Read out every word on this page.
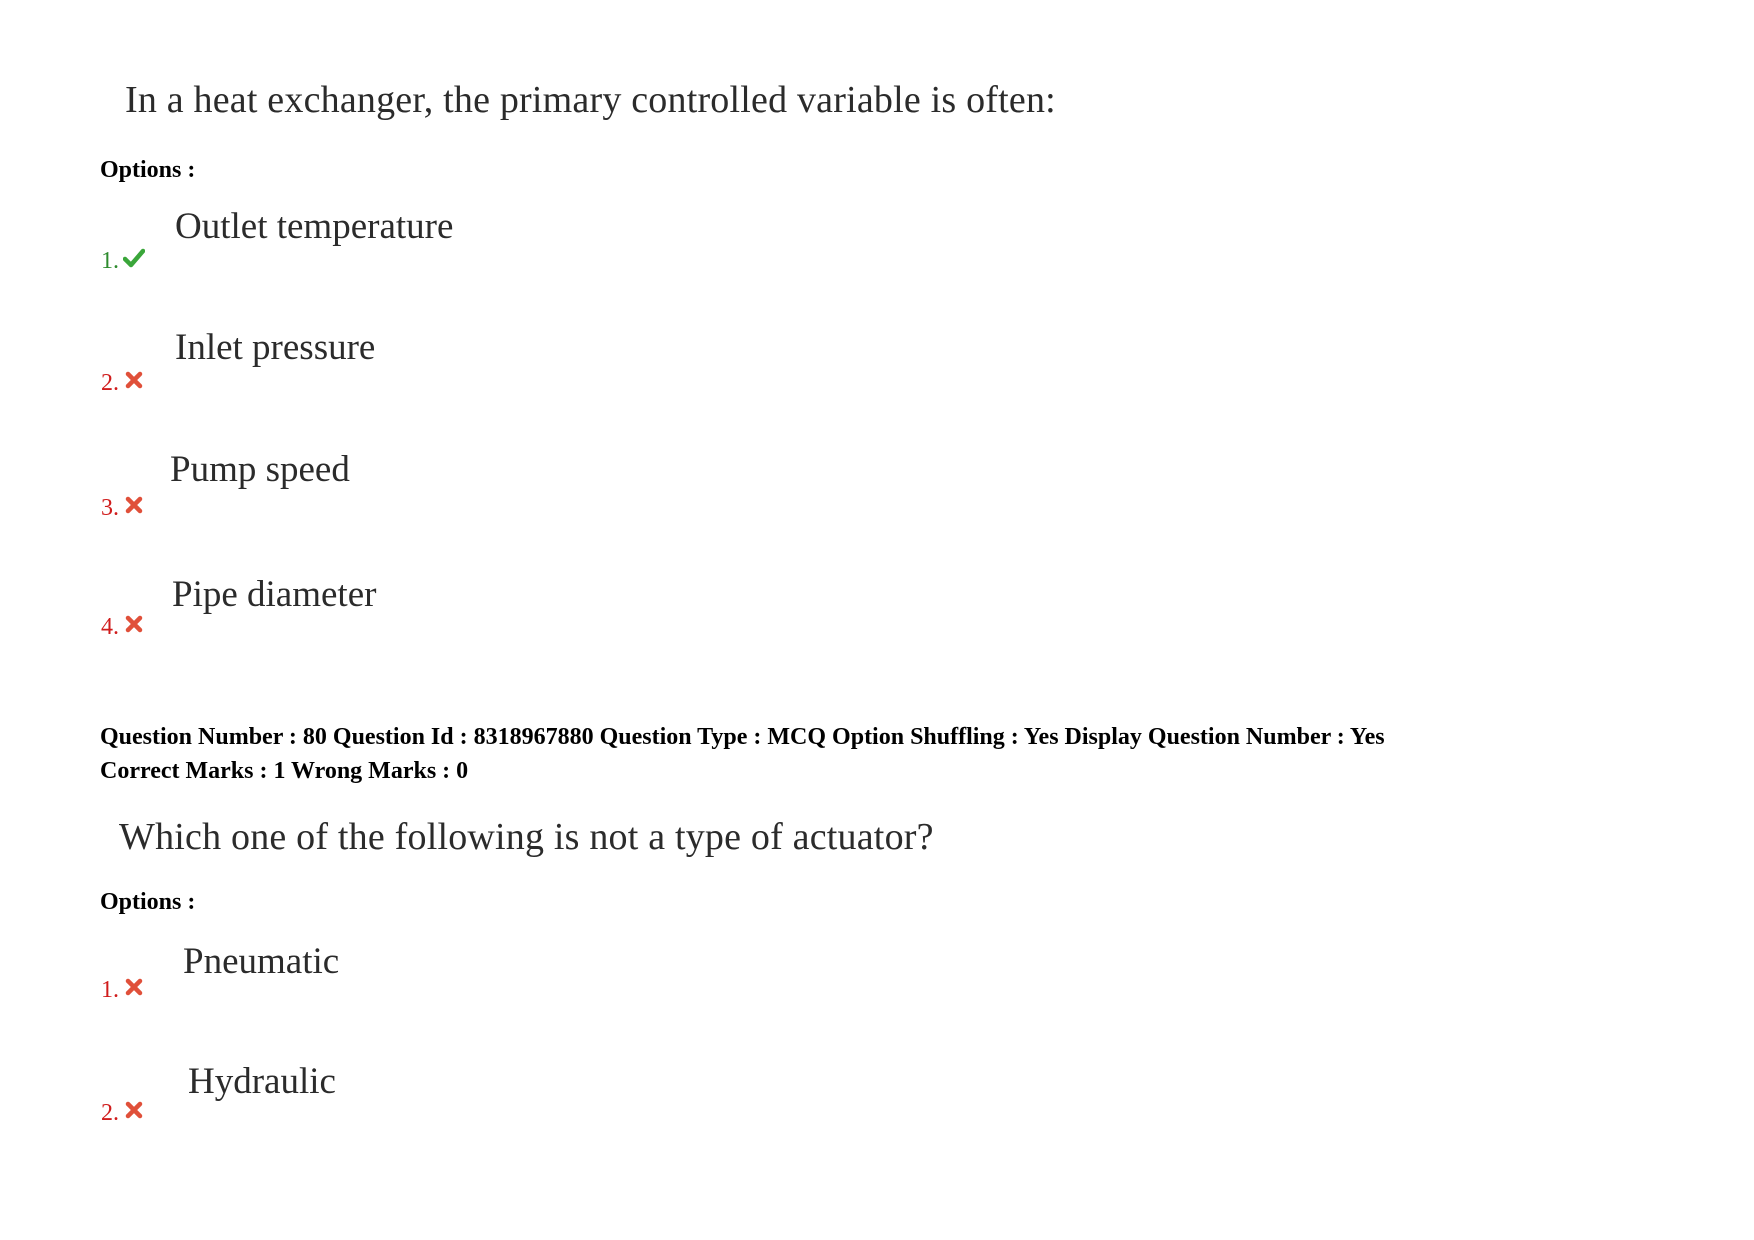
In a heat exchanger, the primary controlled variable is often:
Options :
Outlet temperature
1.
Inlet pressure
2.
Pump speed
3.
Pipe diameter
4.
Question Number : 80 Question Id : 8318967880 Question Type : MCQ Option Shuffling : Yes Display Question Number : Yes
Correct Marks : 1 Wrong Marks : 0
Which one of the following is not a type of actuator?
Options :
Pneumatic
1.
Hydraulic
2.
